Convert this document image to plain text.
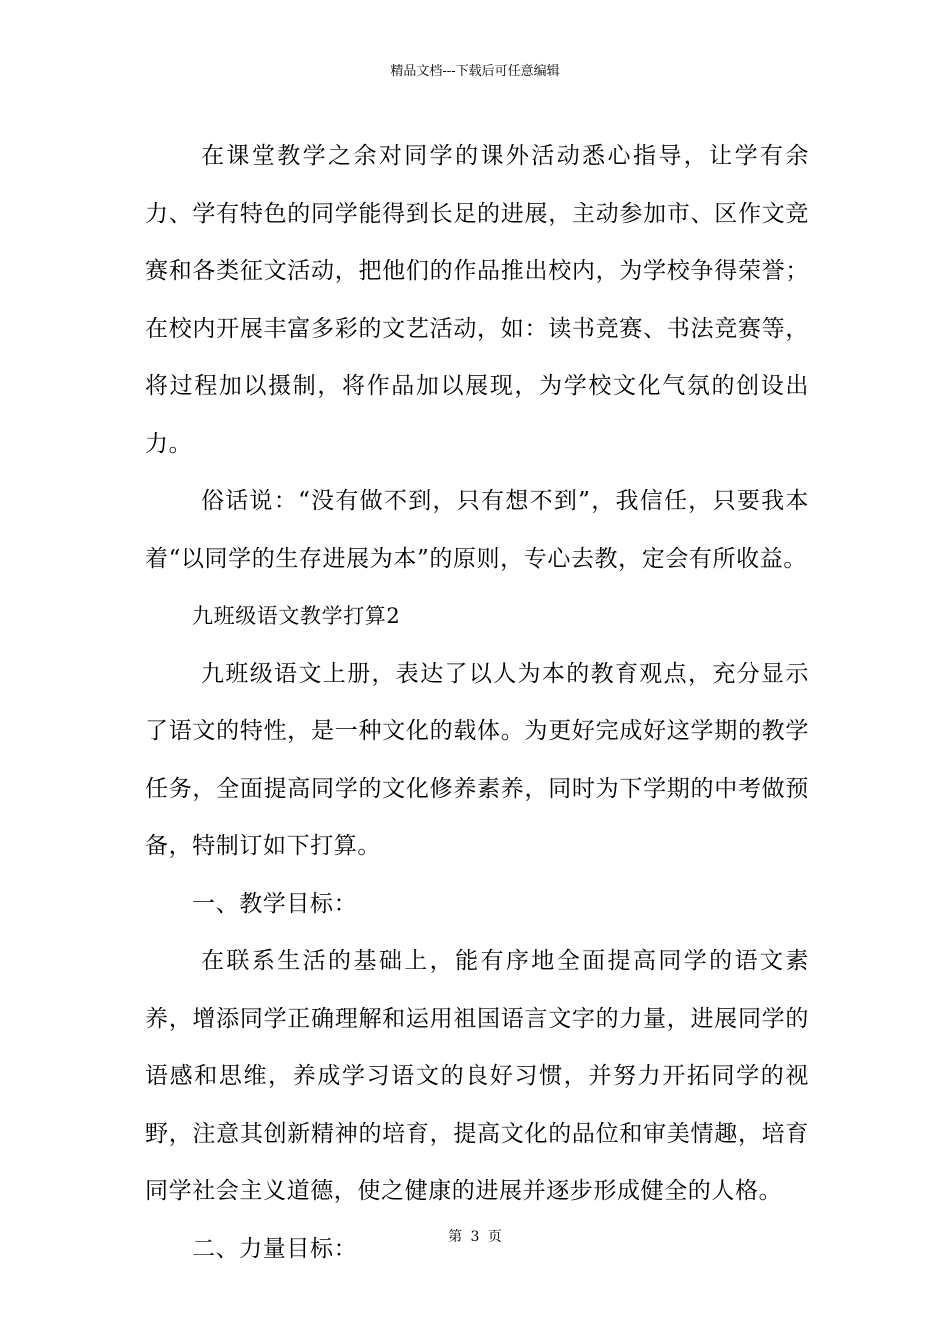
精品文档---下载后可任意编辑

在课堂教学之余对同学的课外活动悉心指导，让学有余力、学有特色的同学能得到长足的进展，主动参加市、区作文竞赛和各类征文活动，把他们的作品推出校内，为学校争得荣誉；在校内开展丰富多彩的文艺活动，如：读书竞赛、书法竞赛等，将过程加以摄制，将作品加以展现，为学校文化气氛的创设出力。

俗话说：“没有做不到，只有想不到”，我信任，只要我本着“以同学的生存进展为本”的原则，专心去教，定会有所收益。

九班级语文教学打算2

九班级语文上册，表达了以人为本的教育观点，充分显示了语文的特性，是一种文化的载体。为更好完成好这学期的教学任务，全面提高同学的文化修养素养，同时为下学期的中考做预备，特制订如下打算。

一、教学目标：

在联系生活的基础上，能有序地全面提高同学的语文素养，增添同学正确理解和运用祖国语言文字的力量，进展同学的语感和思维，养成学习语文的良好习惯，并努力开拓同学的视野，注意其创新精神的培育，提高文化的品位和审美情趣，培育同学社会主义道德，使之健康的进展并逐步形成健全的人格。

二、力量目标：	第 3 页
